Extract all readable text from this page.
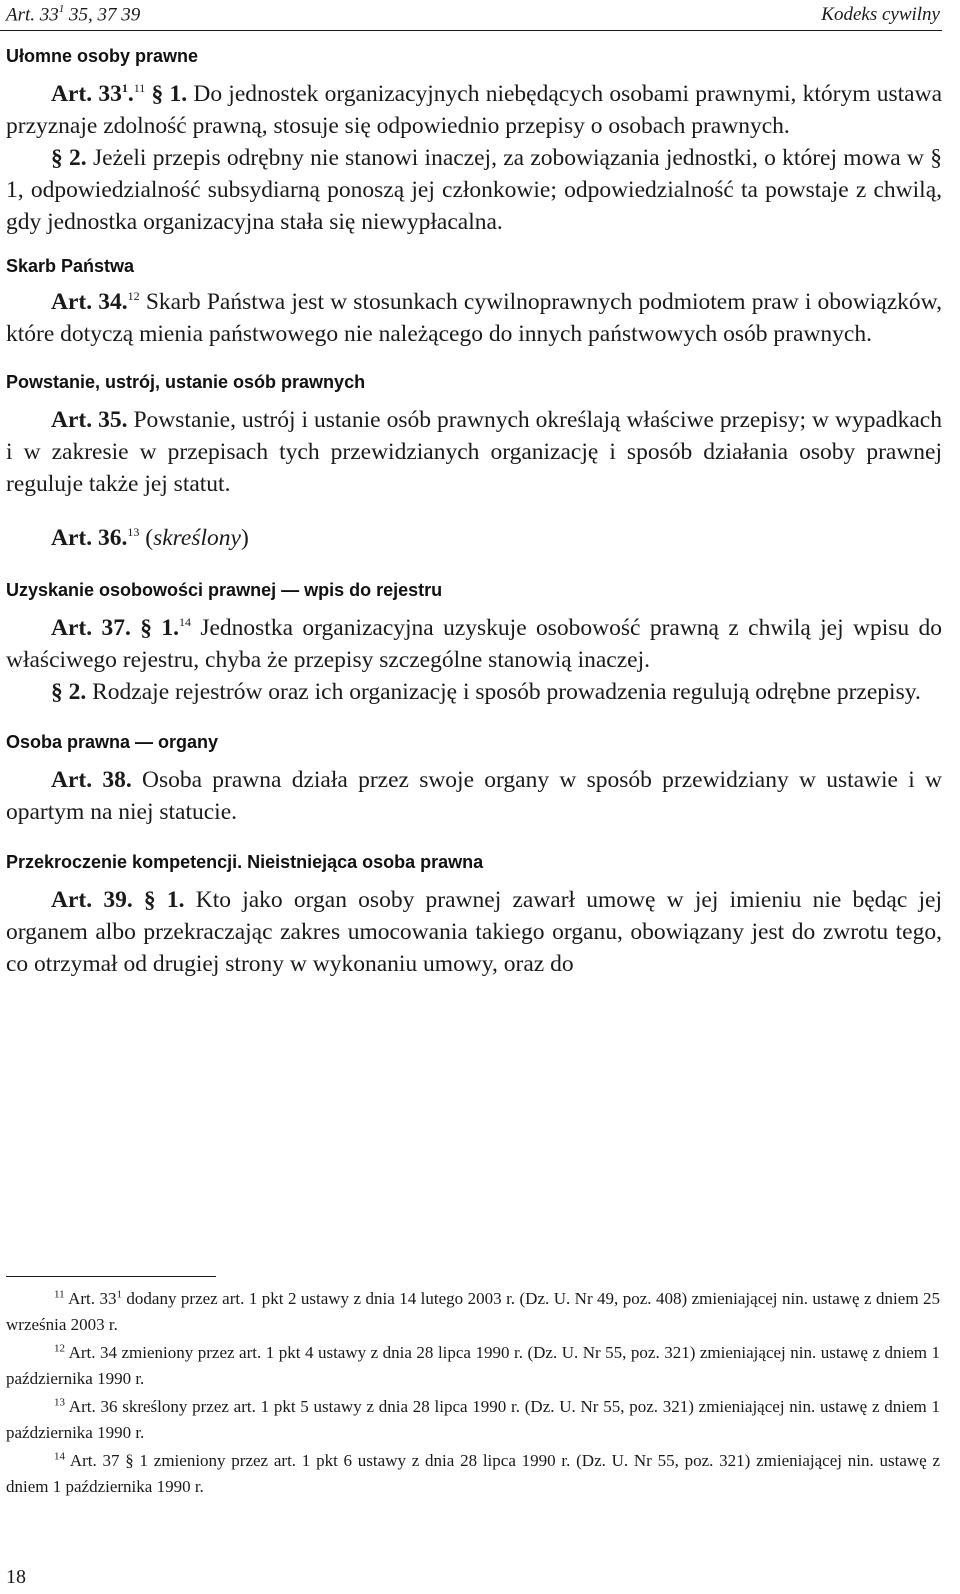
Art. $33^1$ 35, 37 39	Kodeks cywilny
Ułomne osoby prawne

Art. $33^1.^{11}$ § 1. Do jednostek organizacyjnych niebędących osobami prawnymi, którym ustawa przyznaje zdolność prawną, stosuje się odpowiednio przepisy o osobach prawnych.

§ 2. Jeżeli przepis odrębny nie stanowi inaczej, za zobowiązania jednostki, o której mowa w § 1, odpowiedzialność subsydiarną ponoszą jej członkowie; odpowiedzialność ta powstaje z chwilą, gdy jednostka organizacyjna stała się niewypłacalna.

Skarb Państwa

Art. 34.12 Skarb Państwa jest w stosunkach cywilnoprawnych podmiotem praw i obowiązków, które dotyczą mienia państwowego nie należącego do innych państwowych osób prawnych.

Powstanie, ustrój, ustanie osób prawnych

Art. 35. Powstanie, ustrój i ustanie osób prawnych określają właściwe przepisy; w wypadkach i w zakresie w przepisach tych przewidzianych organizację i sposób działania osoby prawnej reguluje także jej statut.

Art. 36.13 (skreślony)

Uzyskanie osobowości prawnej — wpis do rejestru

Art. 37. § 1.14 Jednostka organizacyjna uzyskuje osobowość prawną z chwilą jej wpisu do właściwego rejestru, chyba że przepisy szczególne stanowią inaczej.

§ 2. Rodzaje rejestrów oraz ich organizację i sposób prowadzenia regulują odrębne przepisy.

Osoba prawna — organy

Art. 38. Osoba prawna działa przez swoje organy w sposób przewidziany w ustawie i w opartym na niej statucie.

Przekroczenie kompetencji. Nieistniejąca osoba prawna

Art. 39. § 1. Kto jako organ osoby prawnej zawarł umowę w jej imieniu nie będąc jej organem albo przekraczając zakres umocowania takiego organu, obowiązany jest do zwrotu tego, co otrzymał od drugiej strony w wykonaniu umowy, oraz do

$^{11}$ Art. $33^1$ dodany przez art. 1 pkt 2 ustawy z dnia 14 lutego 2003 r. (Dz. U. Nr 49, poz. 408) zmieniającej nin. ustawę z dniem 25 września 2003 r.

$^{12}$ Art. 34 zmieniony przez art. 1 pkt 4 ustawy z dnia 28 lipca 1990 r. (Dz. U. Nr 55, poz. 321) zmieniającej nin. ustawę z dniem 1 października 1990 r.

$^{13}$ Art. 36 skreślony przez art. 1 pkt 5 ustawy z dnia 28 lipca 1990 r. (Dz. U. Nr 55, poz. 321) zmieniającej nin. ustawę z dniem 1 października 1990 r.

$^{14}$ Art. 37 § 1 zmieniony przez art. 1 pkt 6 ustawy z dnia 28 lipca 1990 r. (Dz. U. Nr 55, poz. 321) zmieniającej nin. ustawę z dniem 1 października 1990 r.

18
